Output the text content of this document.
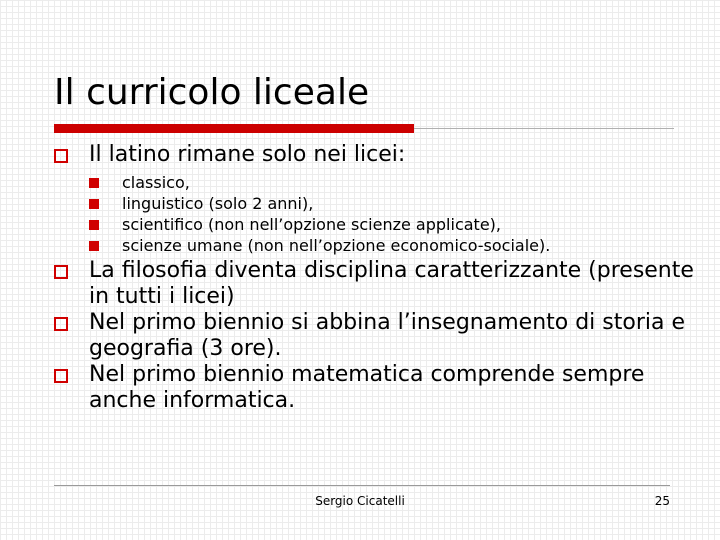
Il curricolo liceale
Il latino rimane solo nei licei:
classico,
linguistico (solo 2 anni),
scientifico (non nell’opzione scienze applicate),
scienze umane (non nell’opzione economico-sociale).
La filosofia diventa disciplina caratterizzante (presente in tutti i licei)
Nel primo biennio si abbina l’insegnamento di storia e geografia (3 ore).
Nel primo biennio matematica comprende sempre anche informatica.
Sergio Cicatelli	25
